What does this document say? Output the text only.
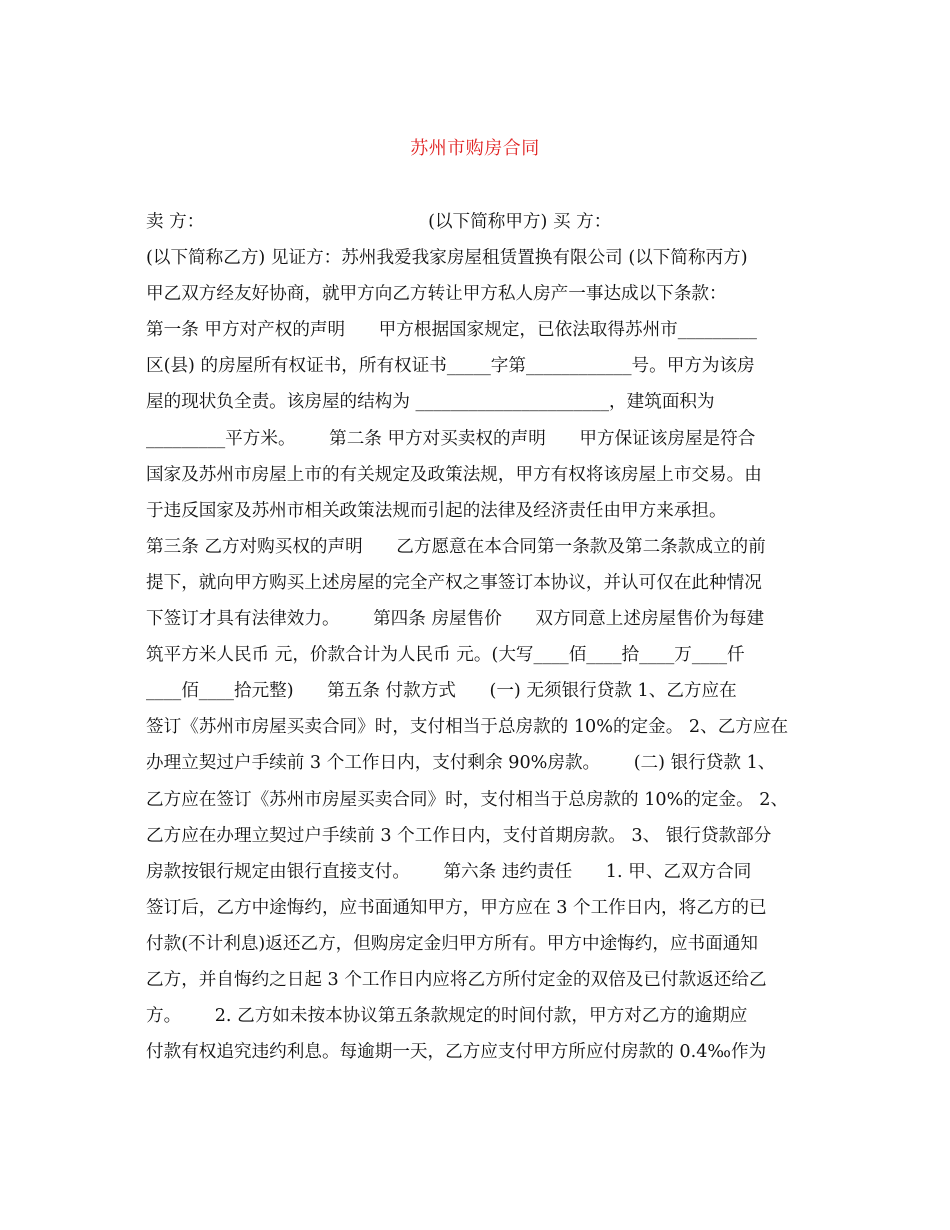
苏州市购房合同
卖 方：                                        (以下简称甲方) 买 方：
(以下简称乙方) 见证方：苏州我爱我家房屋租赁置换有限公司 (以下简称丙方)
甲乙双方经友好协商，就甲方向乙方转让甲方私人房产一事达成以下条款：
第一条 甲方对产权的声明      甲方根据国家规定，已依法取得苏州市_________
区(县) 的房屋所有权证书，所有权证书_____字第____________号。甲方为该房
屋的现状负全责。该房屋的结构为 ______________________，建筑面积为
_________平方米。      第二条 甲方对买卖权的声明      甲方保证该房屋是符合
国家及苏州市房屋上市的有关规定及政策法规，甲方有权将该房屋上市交易。由
于违反国家及苏州市相关政策法规而引起的法律及经济责任由甲方来承担。
第三条 乙方对购买权的声明      乙方愿意在本合同第一条款及第二条款成立的前
提下，就向甲方购买上述房屋的完全产权之事签订本协议，并认可仅在此种情况
下签订才具有法律效力。      第四条 房屋售价      双方同意上述房屋售价为每建
筑平方米人民币 元，价款合计为人民币 元。(大写____佰____拾____万____仟
____佰____拾元整)      第五条 付款方式      (一) 无须银行贷款 1、乙方应在
签订《苏州市房屋买卖合同》时，支付相当于总房款的 10%的定金。 2、乙方应在
办理立契过户手续前 3 个工作日内，支付剩余 90%房款。      (二) 银行贷款 1、
乙方应在签订《苏州市房屋买卖合同》时，支付相当于总房款的 10%的定金。 2、
乙方应在办理立契过户手续前 3 个工作日内，支付首期房款。 3、 银行贷款部分
房款按银行规定由银行直接支付。      第六条 违约责任      1. 甲、乙双方合同
签订后，乙方中途悔约，应书面通知甲方，甲方应在 3 个工作日内，将乙方的已
付款(不计利息)返还乙方，但购房定金归甲方所有。甲方中途悔约，应书面通知
乙方，并自悔约之日起 3 个工作日内应将乙方所付定金的双倍及已付款返还给乙
方。      2. 乙方如未按本协议第五条款规定的时间付款，甲方对乙方的逾期应
付款有权追究违约利息。每逾期一天，乙方应支付甲方所应付房款的 0.4‰作为
